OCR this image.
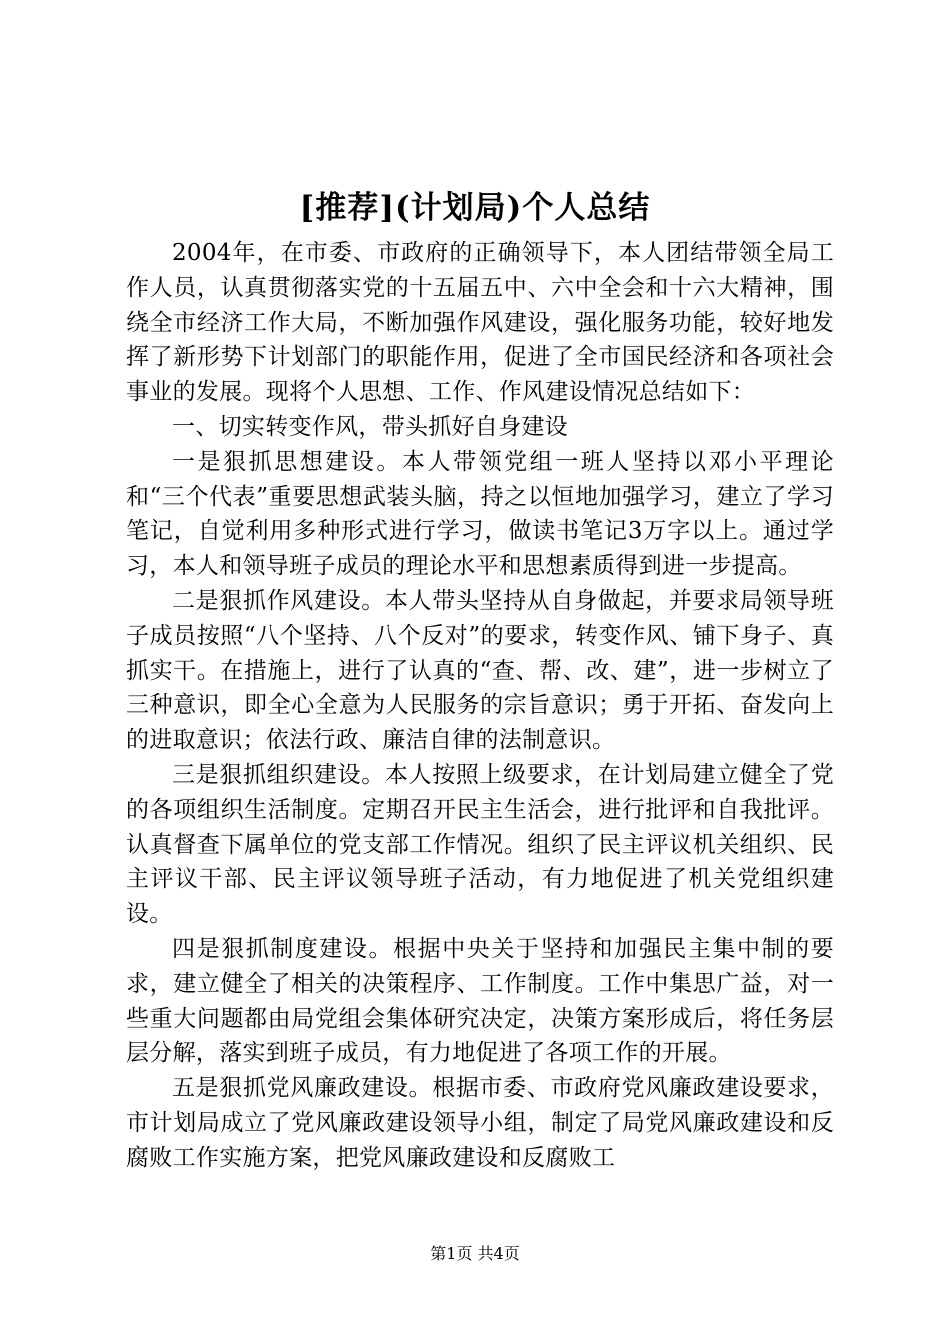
[推荐](计划局)个人总结

2004年，在市委、市政府的正确领导下，本人团结带领全局工作人员，认真贯彻落实党的十五届五中、六中全会和十六大精神，围绕全市经济工作大局，不断加强作风建设，强化服务功能，较好地发挥了新形势下计划部门的职能作用，促进了全市国民经济和各项社会事业的发展。现将个人思想、工作、作风建设情况总结如下：

一、切实转变作风，带头抓好自身建设

一是狠抓思想建设。本人带领党组一班人坚持以邓小平理论和“三个代表”重要思想武装头脑，持之以恒地加强学习，建立了学习笔记，自觉利用多种形式进行学习，做读书笔记3万字以上。通过学习，本人和领导班子成员的理论水平和思想素质得到进一步提高。

二是狠抓作风建设。本人带头坚持从自身做起，并要求局领导班子成员按照“八个坚持、八个反对”的要求，转变作风、铺下身子、真抓实干。在措施上，进行了认真的“查、帮、改、建”，进一步树立了三种意识，即全心全意为人民服务的宗旨意识；勇于开拓、奋发向上的进取意识；依法行政、廉洁自律的法制意识。

三是狠抓组织建设。本人按照上级要求，在计划局建立健全了党的各项组织生活制度。定期召开民主生活会，进行批评和自我批评。认真督查下属单位的党支部工作情况。组织了民主评议机关组织、民主评议干部、民主评议领导班子活动，有力地促进了机关党组织建设。

四是狠抓制度建设。根据中央关于坚持和加强民主集中制的要求，建立健全了相关的决策程序、工作制度。工作中集思广益，对一些重大问题都由局党组会集体研究决定，决策方案形成后，将任务层层分解，落实到班子成员，有力地促进了各项工作的开展。

五是狠抓党风廉政建设。根据市委、市政府党风廉政建设要求，市计划局成立了党风廉政建设领导小组，制定了局党风廉政建设和反腐败工作实施方案，把党风廉政建设和反腐败工

第1页 共4页
